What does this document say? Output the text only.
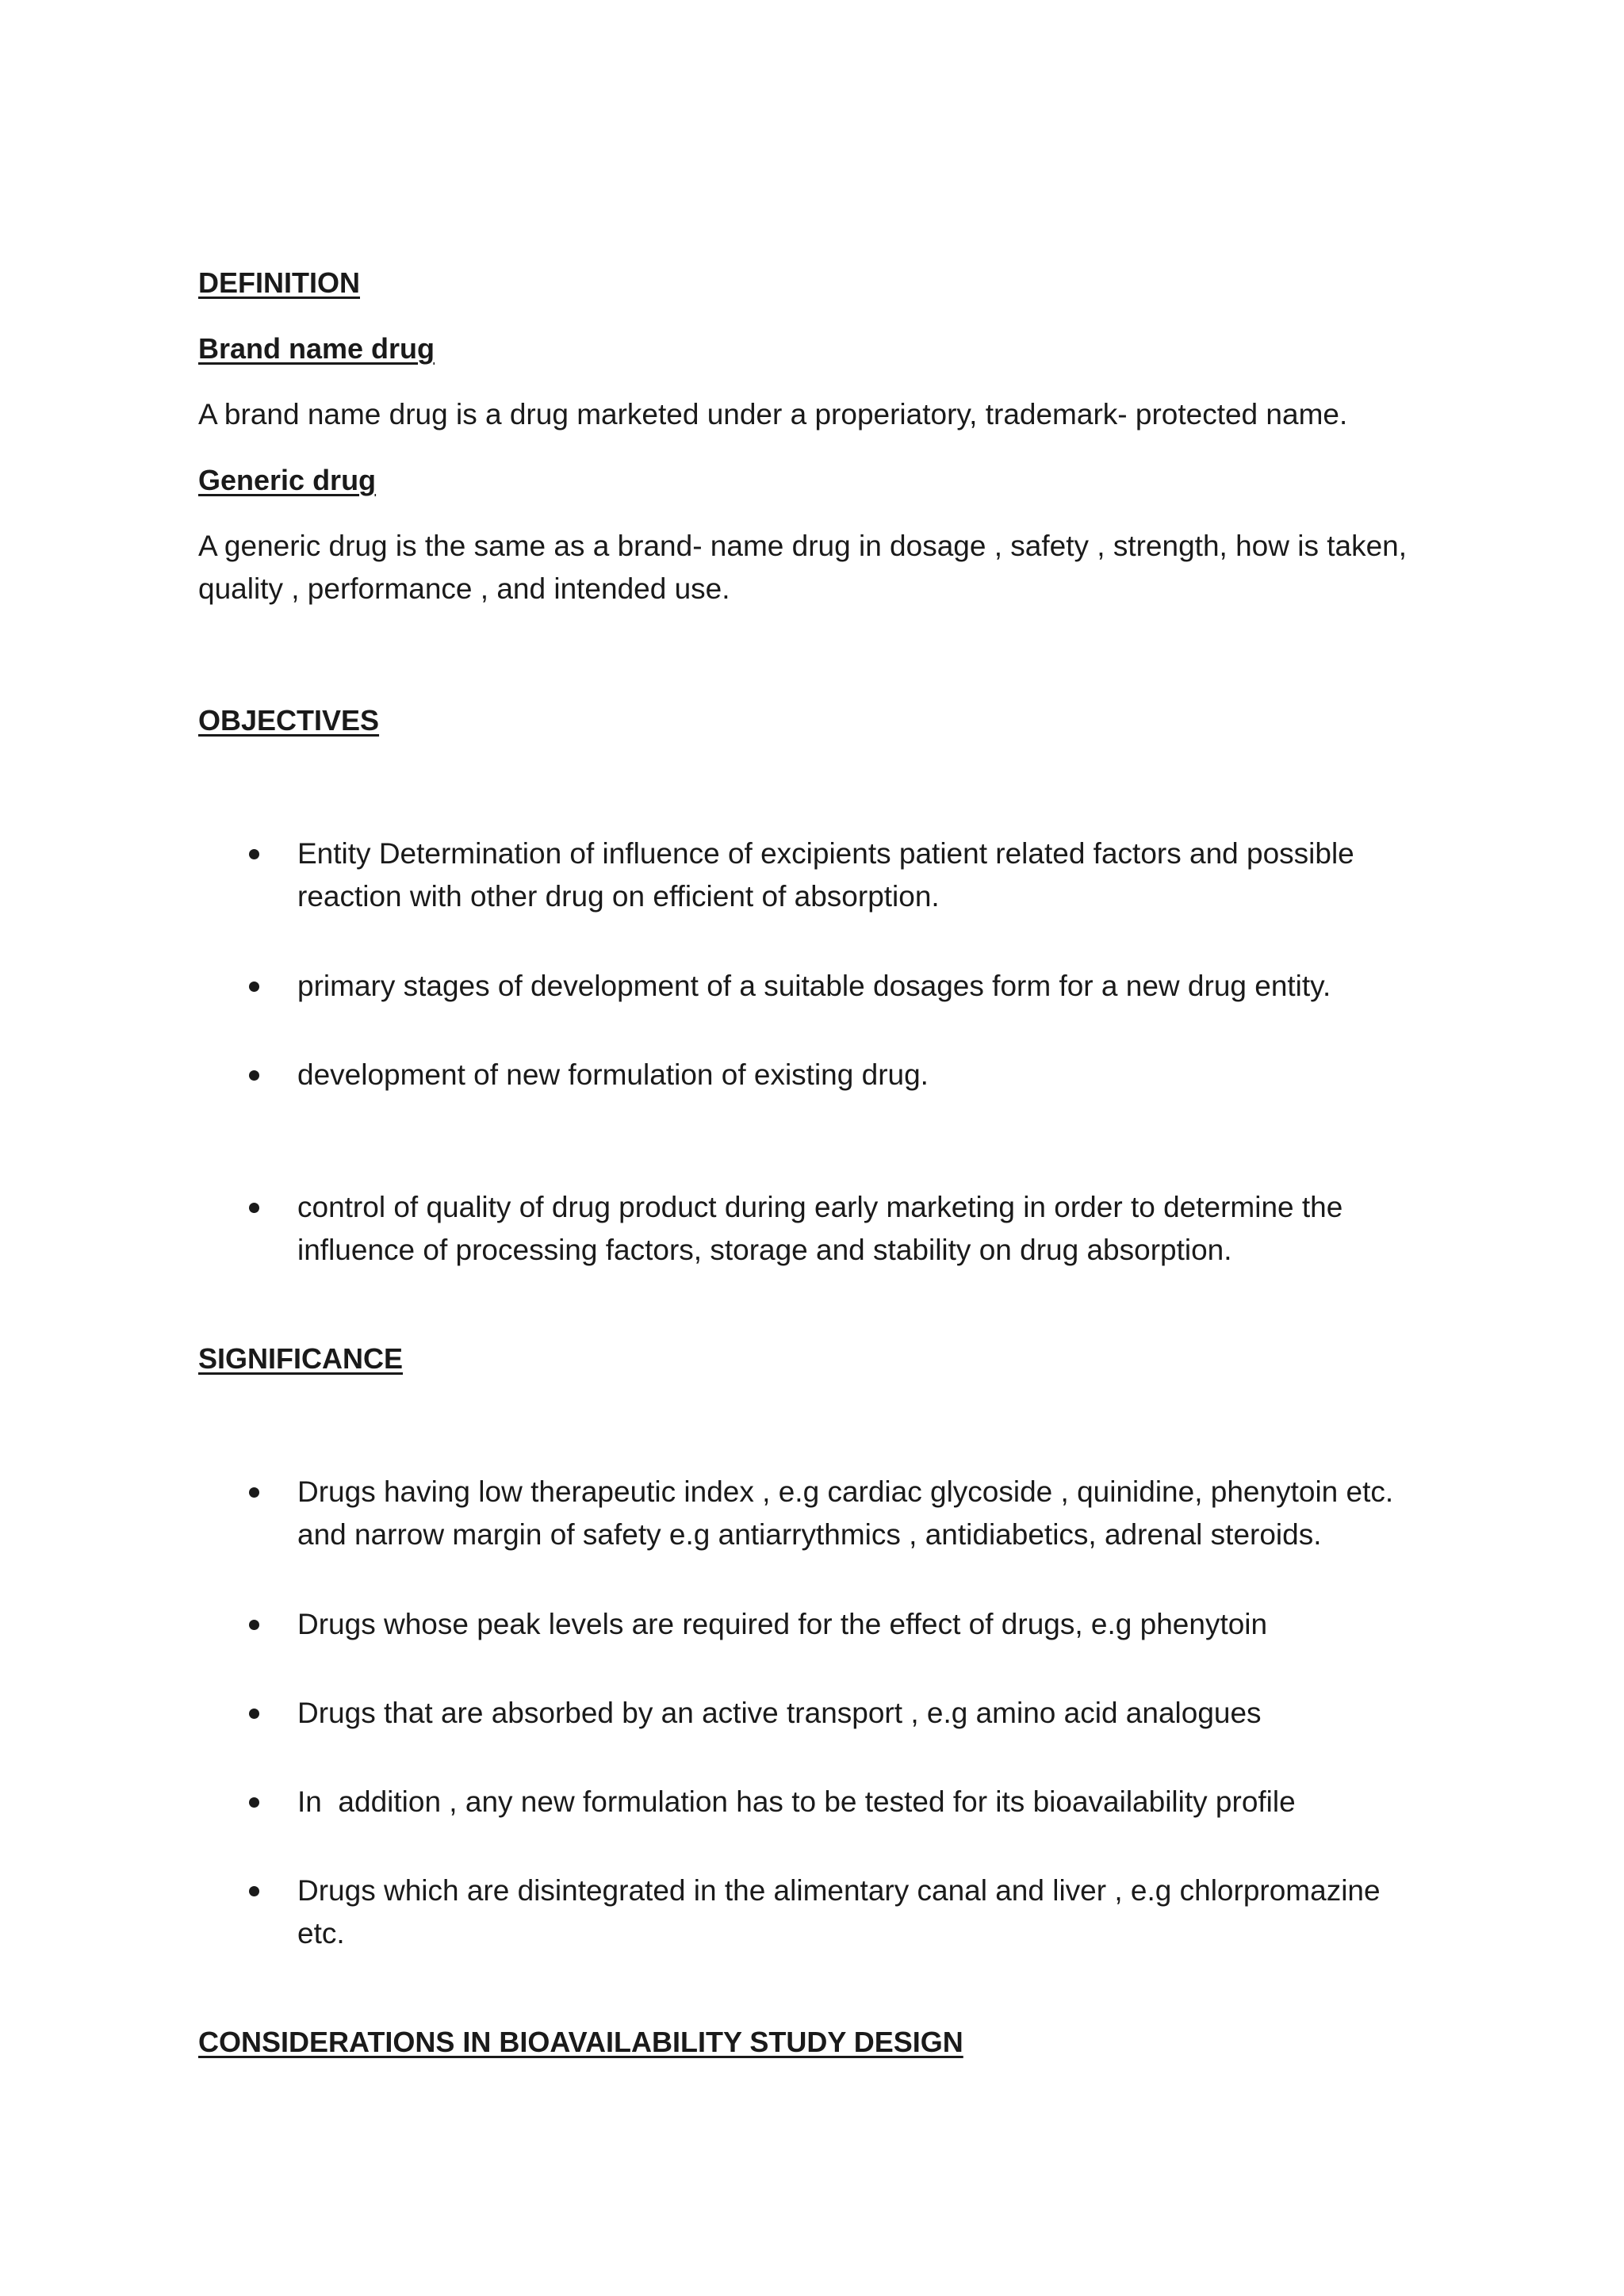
DEFINITION

Brand name drug

A brand name drug is a drug marketed under a properiatory, trademark- protected name.

Generic drug

A generic drug is the same as a brand- name drug in dosage , safety , strength, how is taken,

quality , performance , and intended use.

OBJECTIVES

Entity Determination of influence of excipients patient related factors and possible
reaction with other drug on efficient of absorption.
primary stages of development of a suitable dosages form for a new drug entity.
development of new formulation of existing drug.
control of quality of drug product during early marketing in order to determine the
influence of processing factors, storage and stability on drug absorption.

SIGNIFICANCE

Drugs having low therapeutic index , e.g cardiac glycoside , quinidine, phenytoin etc.
and narrow margin of safety e.g antiarrythmics , antidiabetics, adrenal steroids.
Drugs whose peak levels are required for the effect of drugs, e.g phenytoin
Drugs that are absorbed by an active transport , e.g amino acid analogues
In  addition , any new formulation has to be tested for its bioavailability profile
Drugs which are disintegrated in the alimentary canal and liver , e.g chlorpromazine
etc.

CONSIDERATIONS IN BIOAVAILABILITY STUDY DESIGN
